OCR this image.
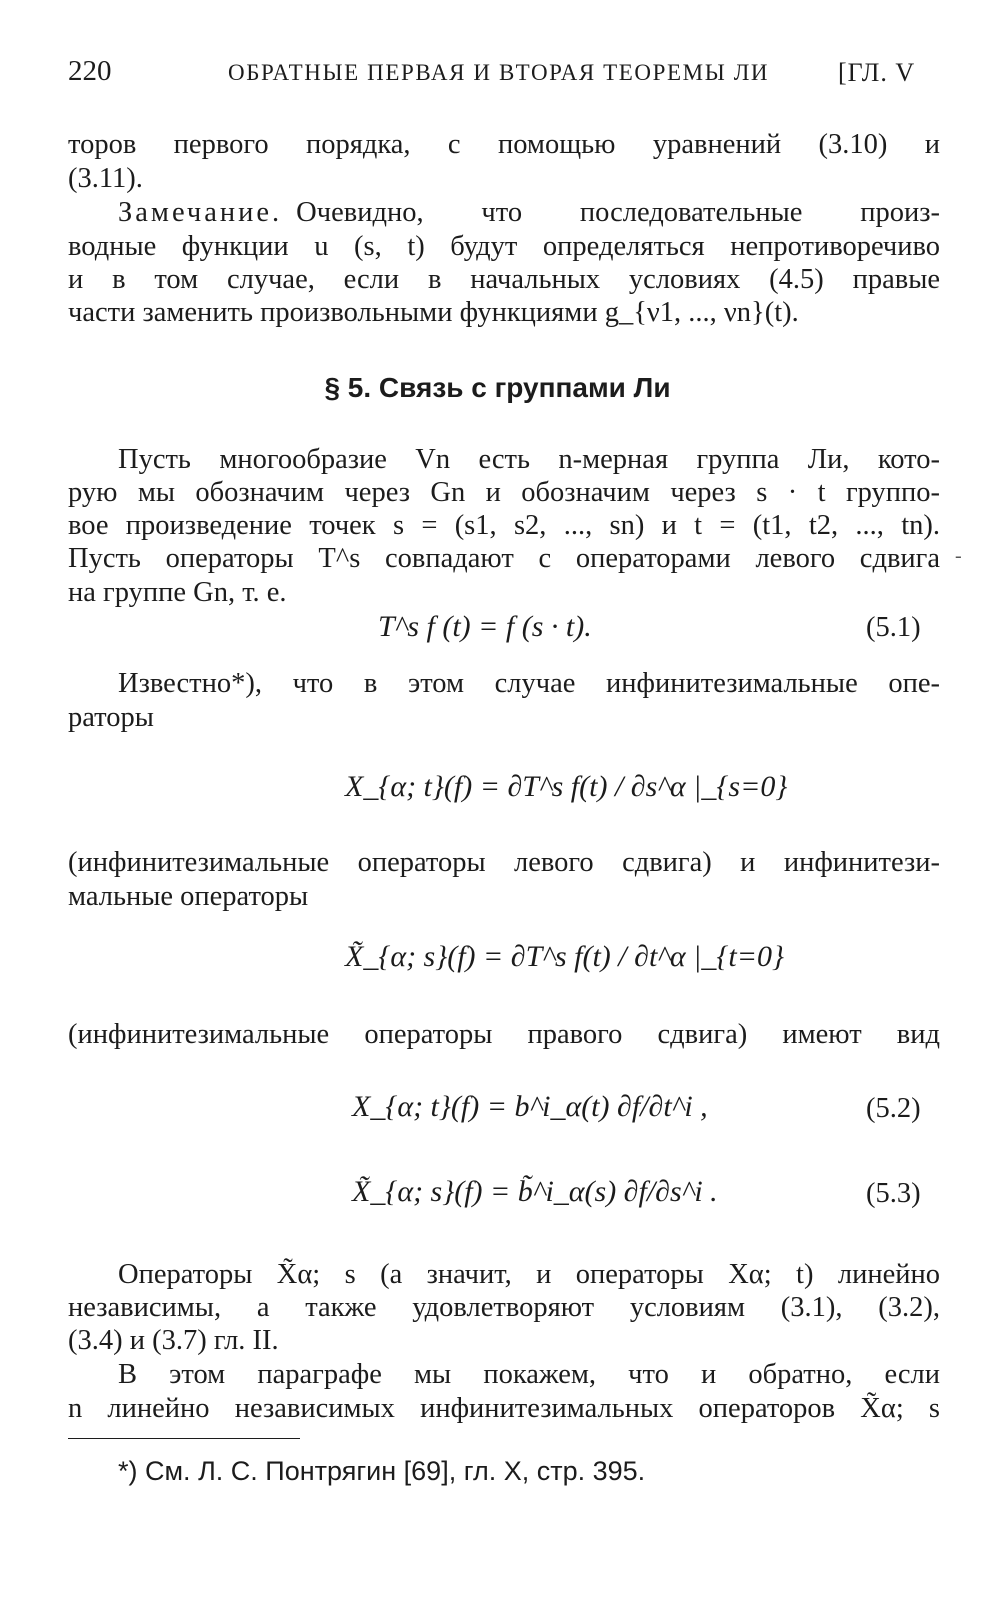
220	ОБРАТНЫЕ ПЕРВАЯ И ВТОРАЯ ТЕОРЕМЫ ЛИ	[ГЛ. V
торов первого порядка, с помощью уравнений (3.10) и
(3.11).
Замечание. Очевидно, что последовательные произ-
водные функции u (s, t) будут определяться непротиворечиво
и в том случае, если в начальных условиях (4.5) правые
части заменить произвольными функциями g_{ν1, ..., νn}(t).
§ 5. Связь с группами Ли
Пусть многообразие Vn есть n-мерная группа Ли, кото-
рую мы обозначим через Gn и обозначим через s · t группо-
вое произведение точек s = (s1, s2, ..., sn) и t = (t1, t2, ..., tn).
Пусть операторы T^s совпадают с операторами левого сдвига
на группе Gn, т. е.
-
T^s f (t) = f (s · t).	(5.1)
Известно*), что в этом случае инфинитезимальные опе-
раторы
X_{α; t}(f) = ∂T^s f(t) / ∂s^α |_{s=0}
(инфинитезимальные операторы левого сдвига) и инфинитези-
мальные операторы
X̃_{α; s}(f) = ∂T^s f(t) / ∂t^α |_{t=0}
(инфинитезимальные операторы правого сдвига) имеют вид
X_{α; t}(f) = b^i_α(t) ∂f/∂t^i ,	(5.2)
X̃_{α; s}(f) = b̃^i_α(s) ∂f/∂s^i .	(5.3)
Операторы X̃α; s (а значит, и операторы Xα; t) линейно
независимы, а также удовлетворяют условиям (3.1), (3.2),
(3.4) и (3.7) гл. II.
В этом параграфе мы покажем, что и обратно, если
n линейно независимых инфинитезимальных операторов X̃α; s
*) См. Л. С. Понтрягин [69], гл. X, стр. 395.
